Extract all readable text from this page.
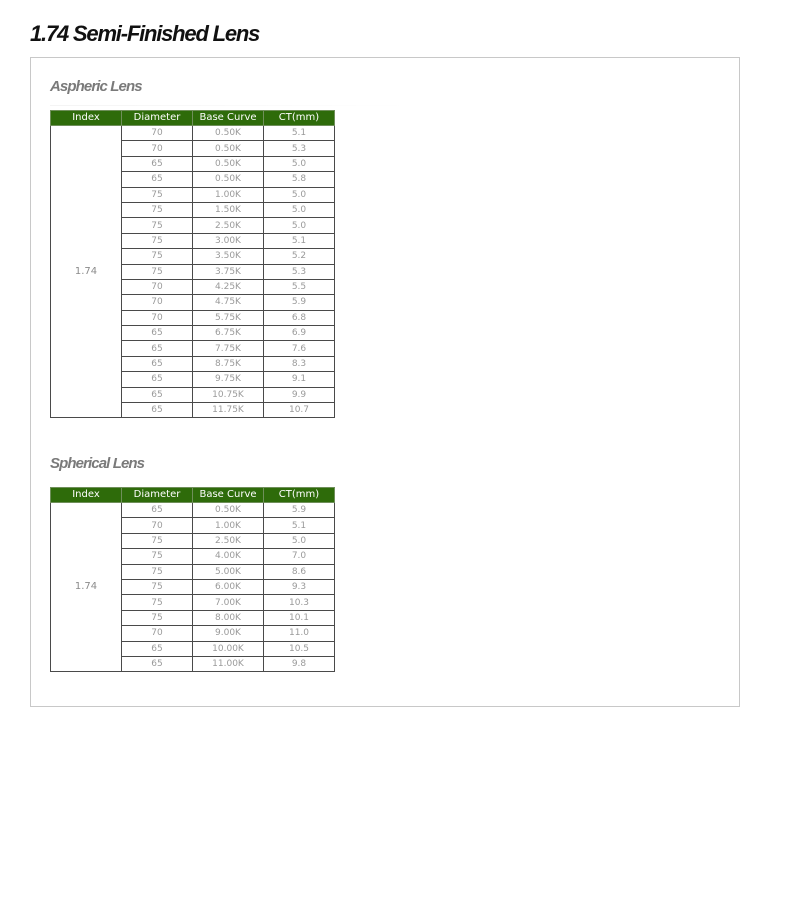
1.74 Semi-Finished Lens
Aspheric Lens
Index	Diameter	Base Curve	CT(mm)
1.74	70	0.50K	5.1
	70	0.50K	5.3
	65	0.50K	5.0
	65	0.50K	5.8
	75	1.00K	5.0
	75	1.50K	5.0
	75	2.50K	5.0
	75	3.00K	5.1
	75	3.50K	5.2
	75	3.75K	5.3
	70	4.25K	5.5
	70	4.75K	5.9
	70	5.75K	6.8
	65	6.75K	6.9
	65	7.75K	7.6
	65	8.75K	8.3
	65	9.75K	9.1
	65	10.75K	9.9
	65	11.75K	10.7
Spherical Lens
Index	Diameter	Base Curve	CT(mm)
1.74	65	0.50K	5.9
	70	1.00K	5.1
	75	2.50K	5.0
	75	4.00K	7.0
	75	5.00K	8.6
	75	6.00K	9.3
	75	7.00K	10.3
	75	8.00K	10.1
	70	9.00K	11.0
	65	10.00K	10.5
	65	11.00K	9.8
